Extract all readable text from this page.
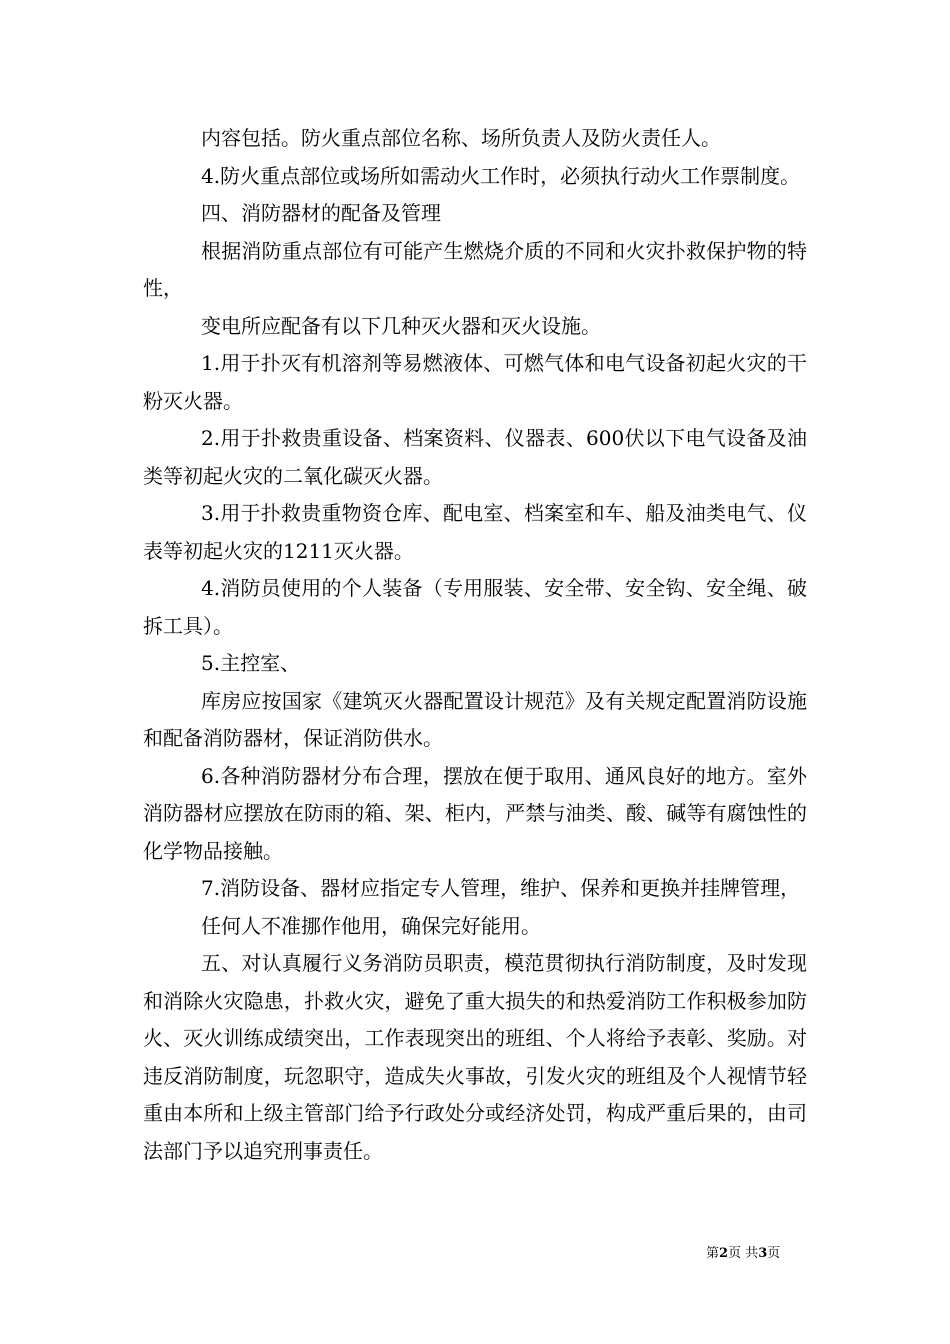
内容包括。防火重点部位名称、场所负责人及防火责任人。

4.防火重点部位或场所如需动火工作时，必须执行动火工作票制度。

四、消防器材的配备及管理

根据消防重点部位有可能产生燃烧介质的不同和火灾扑救保护物的特性，

变电所应配备有以下几种灭火器和灭火设施。

1.用于扑灭有机溶剂等易燃液体、可燃气体和电气设备初起火灾的干粉灭火器。

2.用于扑救贵重设备、档案资料、仪器表、600伏以下电气设备及油类等初起火灾的二氧化碳灭火器。

3.用于扑救贵重物资仓库、配电室、档案室和车、船及油类电气、仪表等初起火灾的1211灭火器。

4.消防员使用的个人装备（专用服装、安全带、安全钩、安全绳、破拆工具）。

5.主控室、

库房应按国家《建筑灭火器配置设计规范》及有关规定配置消防设施和配备消防器材，保证消防供水。

6.各种消防器材分布合理，摆放在便于取用、通风良好的地方。室外消防器材应摆放在防雨的箱、架、柜内，严禁与油类、酸、碱等有腐蚀性的化学物品接触。

7.消防设备、器材应指定专人管理，维护、保养和更换并挂牌管理，

任何人不准挪作他用，确保完好能用。

五、对认真履行义务消防员职责，模范贯彻执行消防制度，及时发现和消除火灾隐患，扑救火灾，避免了重大损失的和热爱消防工作积极参加防火、灭火训练成绩突出，工作表现突出的班组、个人将给予表彰、奖励。对违反消防制度，玩忽职守，造成失火事故，引发火灾的班组及个人视情节轻重由本所和上级主管部门给予行政处分或经济处罚，构成严重后果的，由司法部门予以追究刑事责任。

第2页 共3页
